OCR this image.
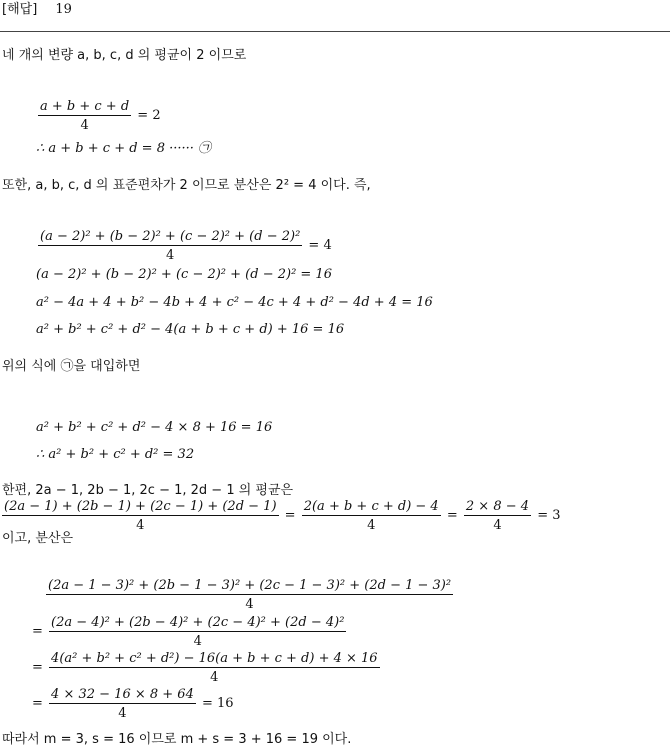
[해답] 19
네 개의 변량 a, b, c, d 의 평균이 2 이므로
$\frac{a + b + c + d}{4} = 2$
∴ a + b + c + d = 8 ······ ㉠
또한, a, b, c, d 의 표준편차가 2 이므로 분산은 2² = 4 이다. 즉,
$\frac{\text{(a − 2)² + (b − 2)² + (c − 2)² + (d − 2)²}}{4} = 4$
(a − 2)² + (b − 2)² + (c − 2)² + (d − 2)² = 16
a² − 4a + 4 + b² − 4b + 4 + c² − 4c + 4 + d² − 4d + 4 = 16
a² + b² + c² + d² − 4(a + b + c + d) + 16 = 16
위의 식에 ㉠을 대입하면
a² + b² + c² + d² − 4 × 8 + 16 = 16
∴ a² + b² + c² + d² = 32
한편, 2a − 1, 2b − 1, 2c − 1, 2d − 1 의 평균은
$\frac{(2a - 1) + (2b - 1) + (2c - 1) + (2d - 1)}{4} = \frac{2(a + b + c + d) - 4}{4} = \frac{2 \times 8 - 4}{4} = 3$
이고, 분산은
(2a − 1 − 3)² + (2b − 1 − 3)² + (2c − 1 − 3)² + (2d − 1 − 3)²
4
= $\frac{\text{(2a − 4)² + (2b − 4)² + (2c − 4)² + (2d − 4)²}}{4}$
= $\frac{\text{4(a² + b² + c² + d²) − 16(a + b + c + d) + 4 × 16}}{4}$
= $\frac{4 \times 32 - 16 \times 8 + 64}{4} = 16$
따라서 m = 3, s = 16 이므로 m + s = 3 + 16 = 19 이다.
